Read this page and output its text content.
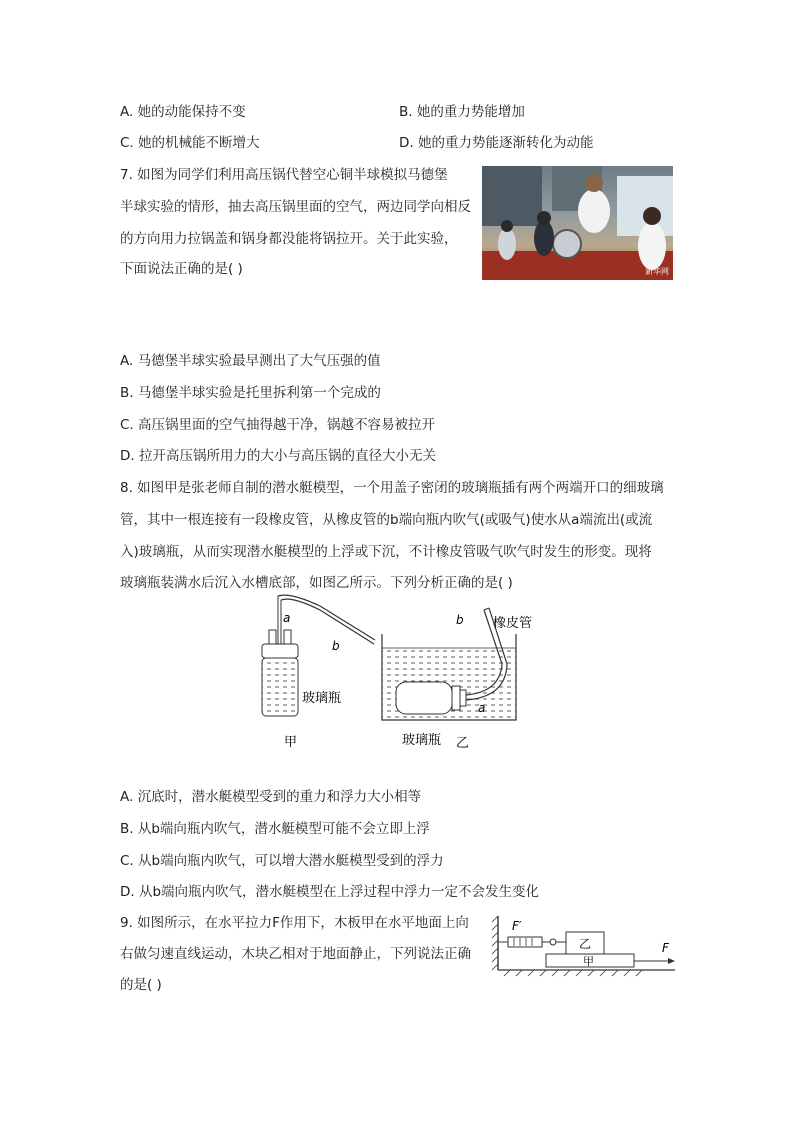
A. 她的动能保持不变	B. 她的重力势能增加
C. 她的机械能不断增大	D. 她的重力势能逐渐转化为动能
7. 如图为同学们利用高压锅代替空心铜半球模拟马德堡
半球实验的情形，抽去高压锅里面的空气，两边同学向相反
的方向用力拉锅盖和锅身都没能将锅拉开。关于此实验，
下面说法正确的是( )	新华网
A. 马德堡半球实验最早测出了大气压强的值
B. 马德堡半球实验是托里拆利第一个完成的
C. 高压锅里面的空气抽得越干净，锅越不容易被拉开
D. 拉开高压锅所用力的大小与高压锅的直径大小无关
8. 如图甲是张老师自制的潜水艇模型，一个用盖子密闭的玻璃瓶插有两个两端开口的细玻璃
管，其中一根连接有一段橡皮管，从橡皮管的b端向瓶内吹气(或吸气)使水从a端流出(或流
入)玻璃瓶，从而实现潜水艇模型的上浮或下沉，不计橡皮管吸气吹气时发生的形变。现将
玻璃瓶装满水后沉入水槽底部，如图乙所示。下列分析正确的是( )
a
b
玻璃瓶
甲
b 橡皮管
a
玻璃瓶 乙
A. 沉底时，潜水艇模型受到的重力和浮力大小相等
B. 从b端向瓶内吹气，潜水艇模型可能不会立即上浮
C. 从b端向瓶内吹气，可以增大潜水艇模型受到的浮力
D. 从b端向瓶内吹气，潜水艇模型在上浮过程中浮力一定不会发生变化
9. 如图所示，在水平拉力F作用下，木板甲在水平地面上向
右做匀速直线运动，木块乙相对于地面静止，下列说法正确
的是( )
F′
乙
甲
F
